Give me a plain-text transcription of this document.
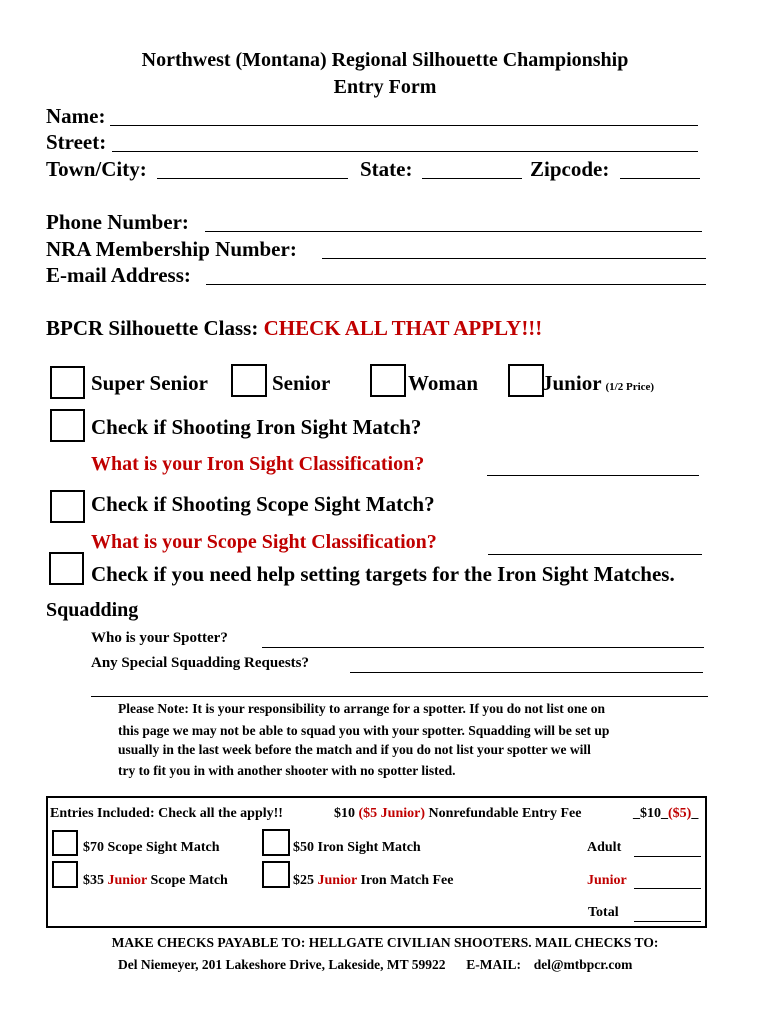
Northwest (Montana) Regional Silhouette Championship
Entry Form
Name:
Street:
Town/City:	State:	Zipcode:
Phone Number:
NRA Membership Number:
E-mail Address:
BPCR Silhouette Class: CHECK ALL THAT APPLY!!!
Super Senior	Senior	Woman	Junior (1/2 Price)
Check if Shooting Iron Sight Match?
What is your Iron Sight Classification?
Check if Shooting Scope Sight Match?
What is your Scope Sight Classification?
Check if you need help setting targets for the Iron Sight Matches.
Squadding
Who is your Spotter?
Any Special Squadding Requests?
Please Note: It is your responsibility to arrange for a spotter. If you do not list one on
this page we may not be able to squad you with your spotter. Squadding will be set up
usually in the last week before the match and if you do not list your spotter we will
try to fit you in with another shooter with no spotter listed.
Entries Included: Check all the apply!!	$10 ($5 Junior) Nonrefundable Entry Fee	_$10_($5)_
$70 Scope Sight Match	$50 Iron Sight Match	Adult
$35 Junior Scope Match	$25 Junior Iron Match Fee	Junior
Total
MAKE CHECKS PAYABLE TO: HELLGATE CIVILIAN SHOOTERS. MAIL CHECKS TO:
Del Niemeyer, 201 Lakeshore Drive, Lakeside, MT 59922 E-MAIL: del@mtbpcr.com
